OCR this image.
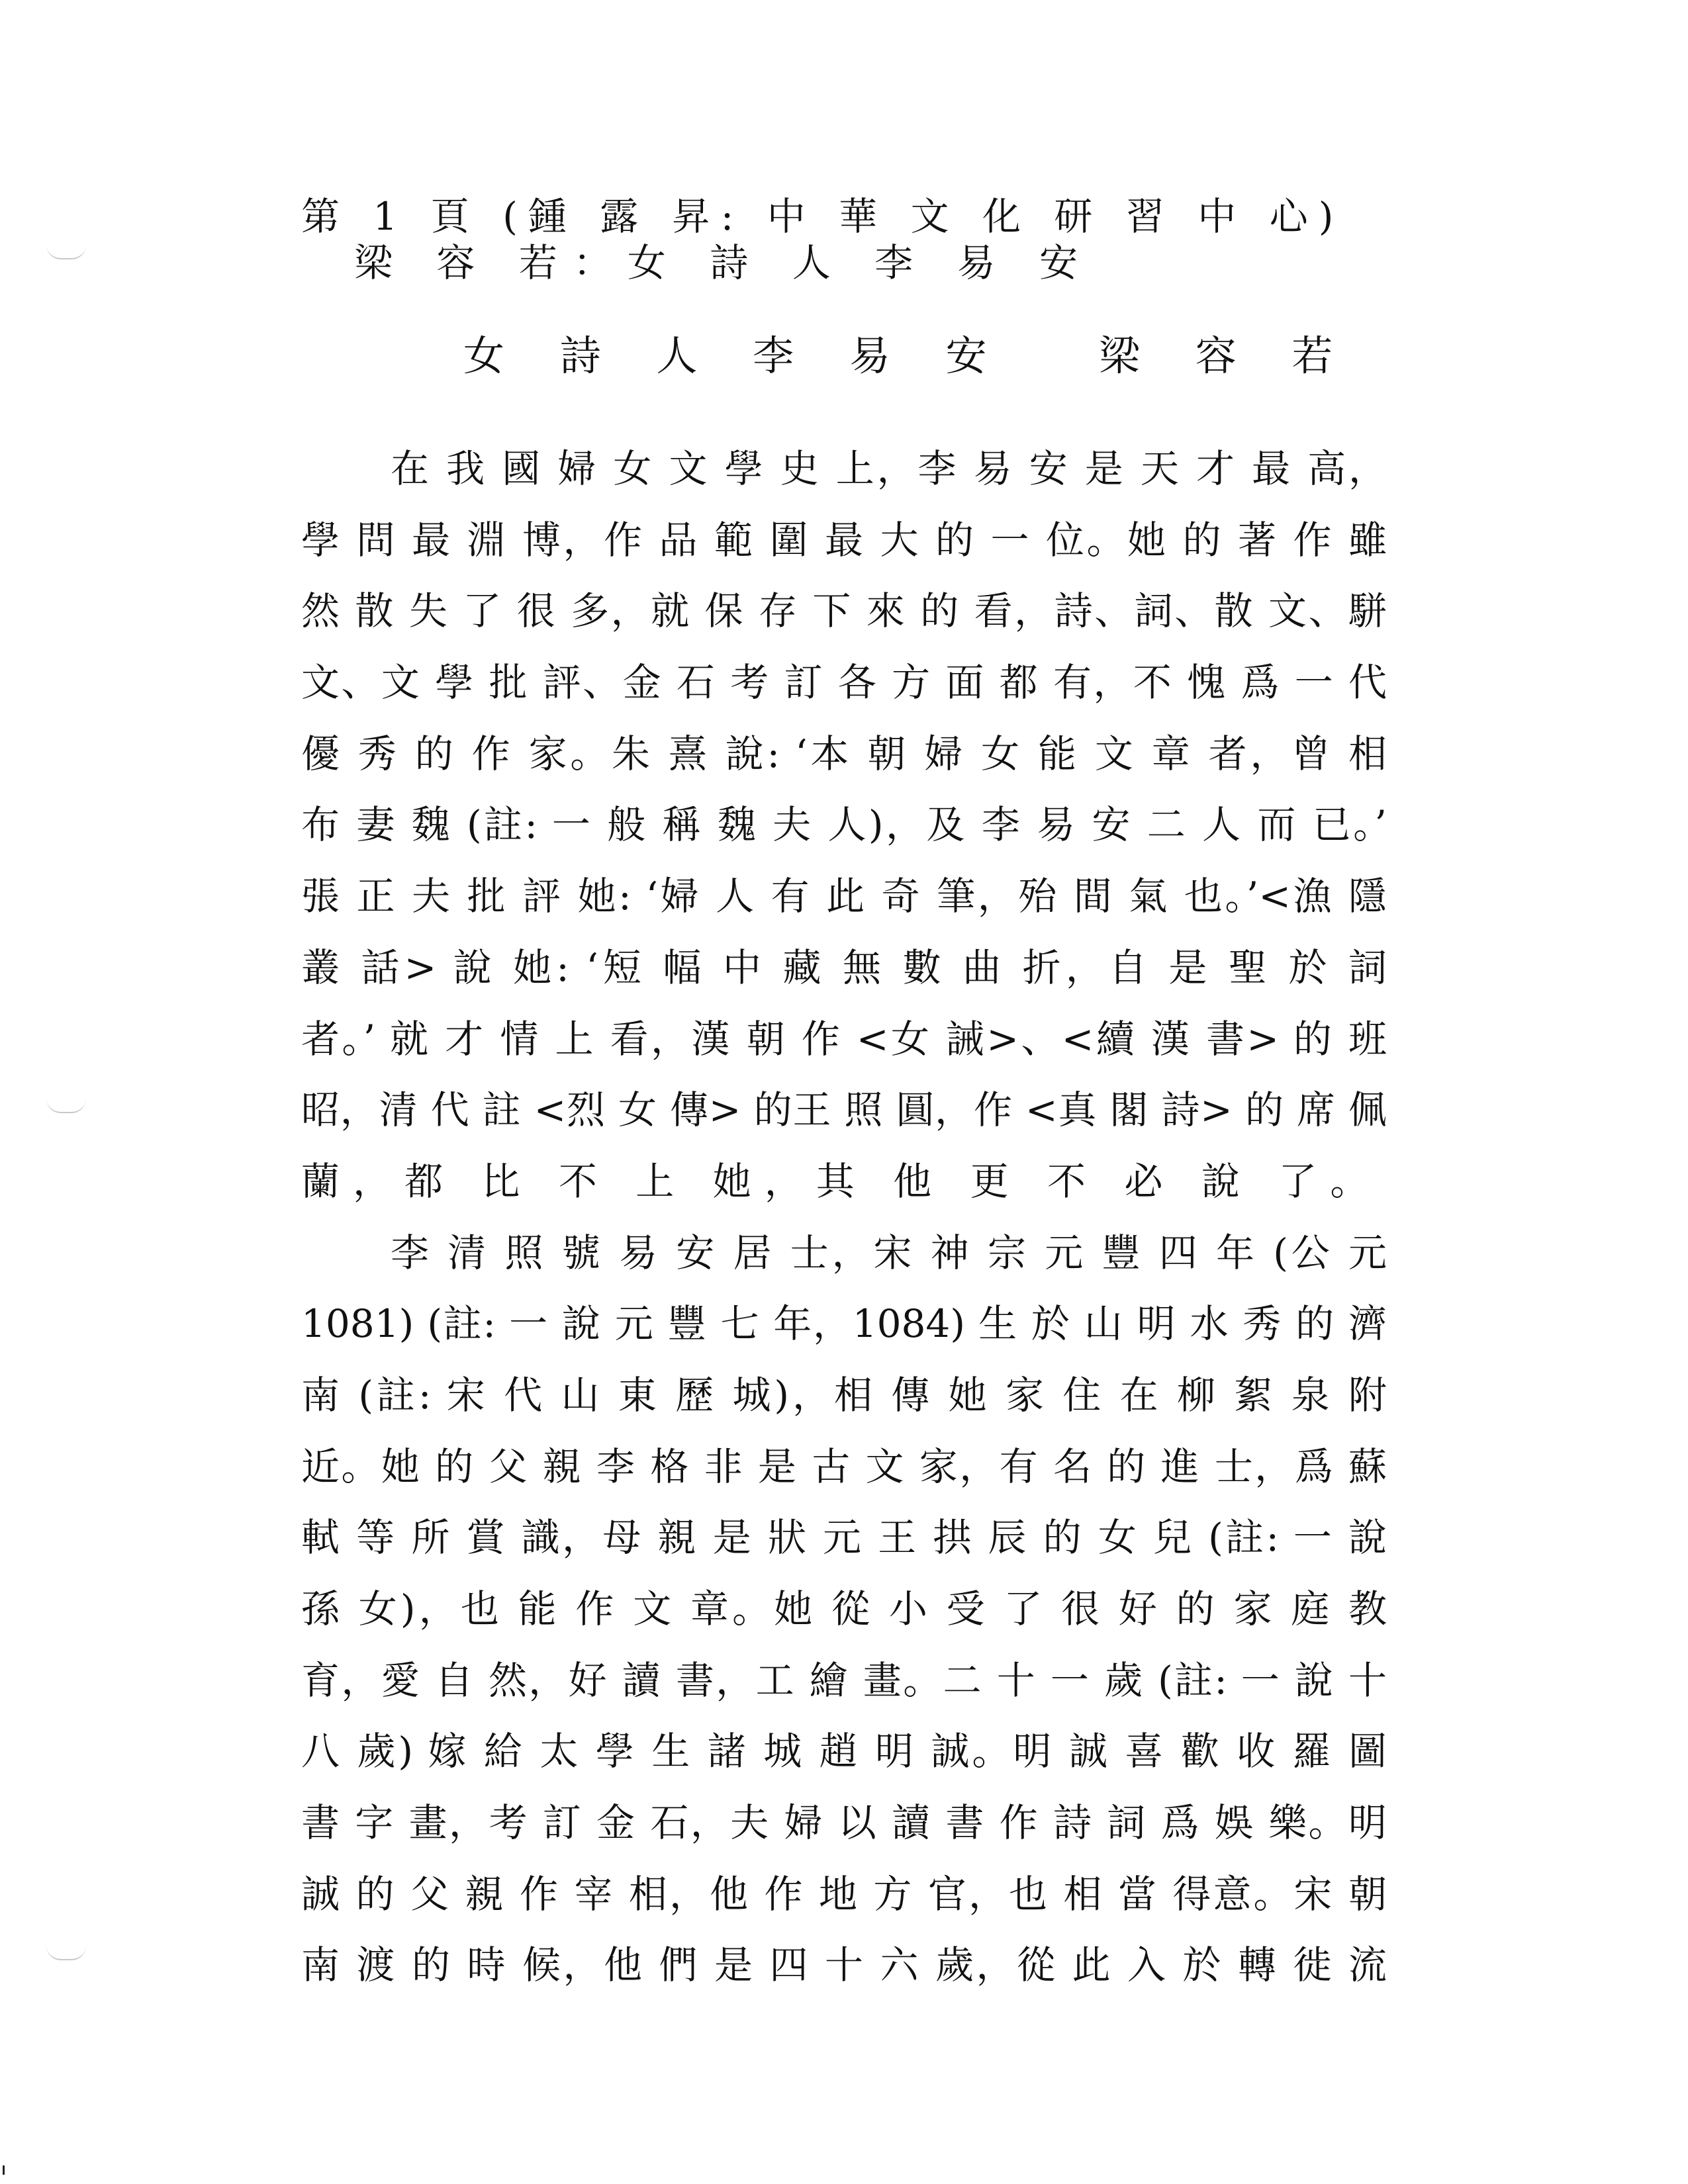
第 1 頁 (鍾 露 昇: 中 華 文 化 研 習 中 心)
梁 容 若：女 詩 人 李 易 安
女 詩 人 李 易 安 梁 容 若
在 我 國 婦 女 文 學 史 上，李 易 安 是 天 才 最 高，
學 問 最 淵 博，作 品 範 圍 最 大 的 一 位。她 的 著 作 雖
然 散 失 了 很 多，就 保 存 下 來 的 看，詩、詞、散 文、駢
文、文 學 批 評、金 石 考 訂 各 方 面 都 有，不 愧 爲 一 代
優 秀 的 作 家。朱 熹 說: ‘本 朝 婦 女 能 文 章 者，曾 相
布 妻 魏 (註: 一 般 稱 魏 夫 人)，及 李 易 安 二 人 而 已。’
張 正 夫 批 評 她: ‘婦 人 有 此 奇 筆，殆 間 氣 也。’<漁 隱
叢 話> 說 她: ‘短 幅 中 藏 無 數 曲 折，自 是 聖 於 詞
者。’ 就 才 情 上 看，漢 朝 作 <女 誡>、<續 漢 書> 的 班
昭，清 代 註 <烈 女 傳> 的王 照 圓，作 <真 閣 詩> 的 席 佩
蘭，都 比 不 上 她，其 他 更 不 必 說 了。
李 清 照 號 易 安 居 士，宋 神 宗 元 豐 四 年 (公 元
1081) (註: 一 說 元 豐 七 年，1084) 生 於 山 明 水 秀 的 濟
南 (註: 宋 代 山 東 歷 城)，相 傳 她 家 住 在 柳 絮 泉 附
近。她 的 父 親 李 格 非 是 古 文 家，有 名 的 進 士，爲 蘇
軾 等 所 賞 識，母 親 是 狀 元 王 拱 辰 的 女 兒 (註: 一 說
孫 女)，也 能 作 文 章。她 從 小 受 了 很 好 的 家 庭 教
育，愛 自 然，好 讀 書，工 繪 畫。二 十 一 歲 (註: 一 說 十
八 歲) 嫁 給 太 學 生 諸 城 趙 明 誠。明 誠 喜 歡 收 羅 圖
書 字 畫，考 訂 金 石，夫 婦 以 讀 書 作 詩 詞 爲 娛 樂。明
誠 的 父 親 作 宰 相，他 作 地 方 官，也 相 當 得意。宋 朝
南 渡 的 時 候，他 們 是 四 十 六 歲，從 此 入 於 轉 徙 流
